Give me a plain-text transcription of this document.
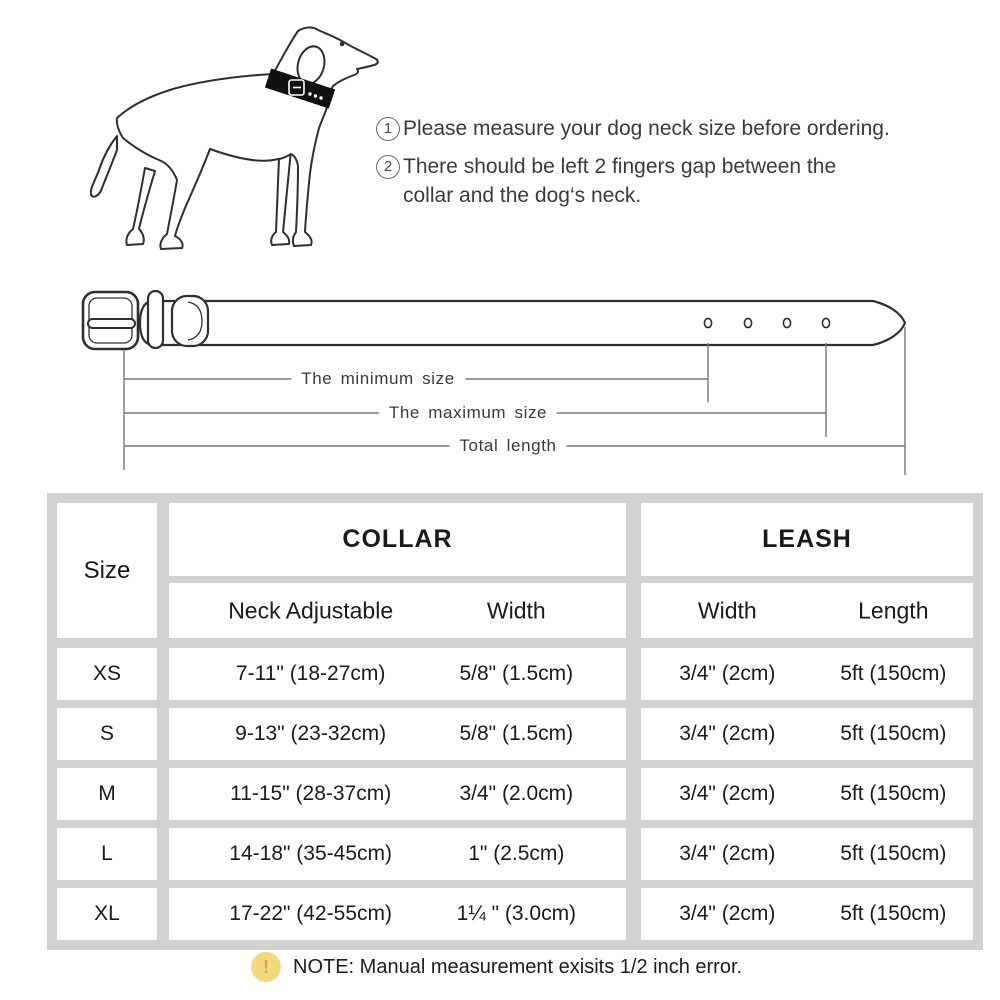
1 Please measure your dog neck size before ordering.
2 There should be left 2 fingers gap between the
collar and the dog‘s neck.
The minimum size
The maximum size
Total length
Size
COLLAR	LEASH
Neck Adjustable	Width	Width	Length
XS	7-11" (18-27cm)	5/8" (1.5cm)	3/4" (2cm)	5ft (150cm)
S	9-13" (23-32cm)	5/8" (1.5cm)	3/4" (2cm)	5ft (150cm)
M	11-15" (28-37cm)	3/4" (2.0cm)	3/4" (2cm)	5ft (150cm)
L	14-18" (35-45cm)	1" (2.5cm)	3/4" (2cm)	5ft (150cm)
XL	17-22" (42-55cm)	1¼ " (3.0cm)	3/4" (2cm)	5ft (150cm)
!	NOTE: Manual measurement exisits 1/2 inch error.
